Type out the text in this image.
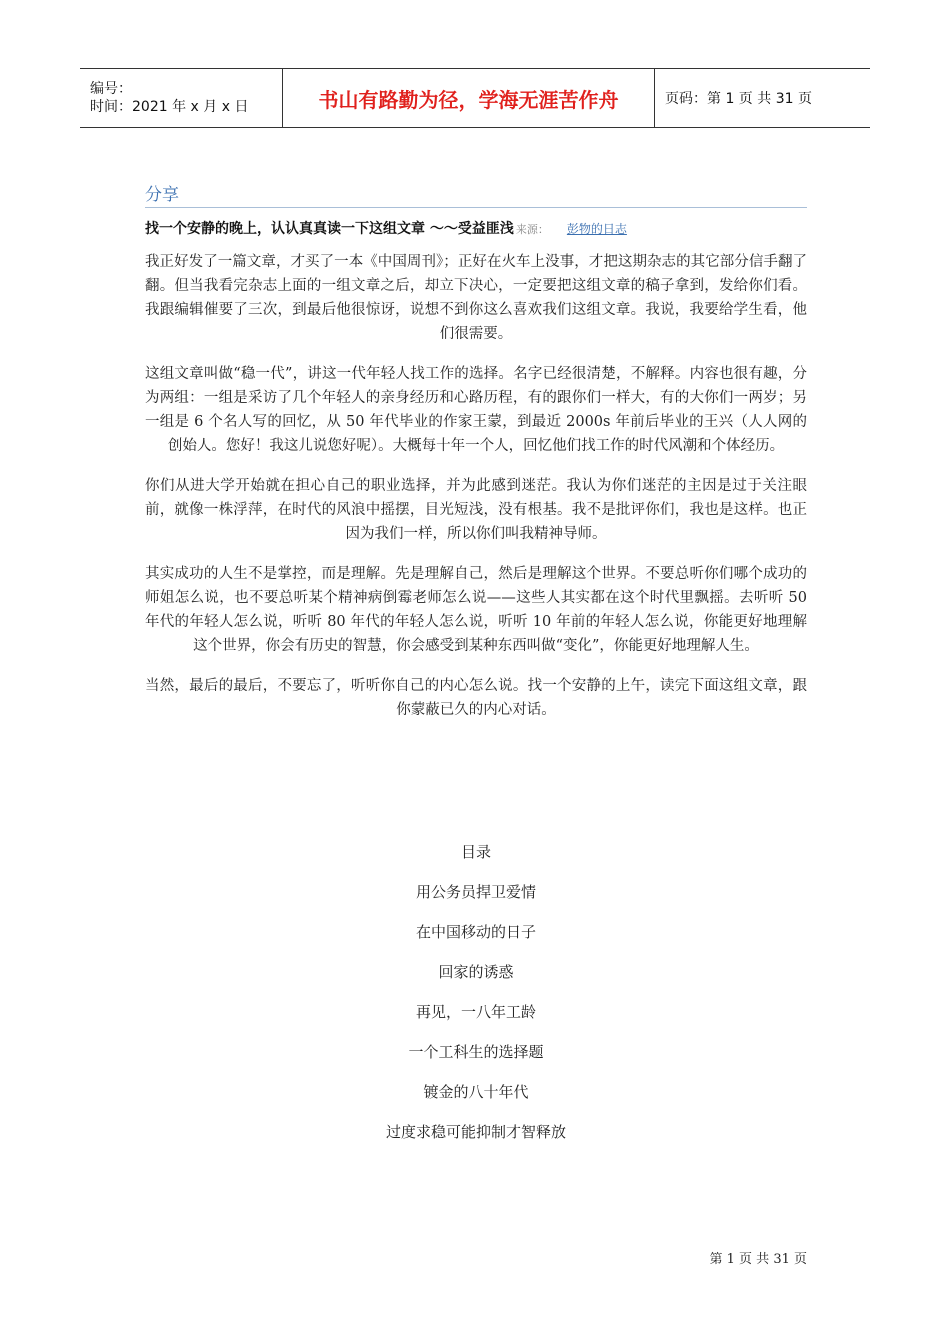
编号：
时间：2021 年 x 月 x 日	书山有路勤为径，学海无涯苦作舟	页码：第 1 页 共 31 页
分享
找一个安静的晚上，认认真真读一下这组文章 ～～受益匪浅 来源： 彭物的日志

我正好发了一篇文章，才买了一本《中国周刊》；正好在火车上没事，才把这期杂志的其它部分信手翻了翻。但当我看完杂志上面的一组文章之后，却立下决心，一定要把这组文章的稿子拿到，发给你们看。我跟编辑催要了三次，到最后他很惊讶，说想不到你这么喜欢我们这组文章。我说，我要给学生看，他们很需要。

这组文章叫做“稳一代”，讲这一代年轻人找工作的选择。名字已经很清楚，不解释。内容也很有趣，分为两组：一组是采访了几个年轻人的亲身经历和心路历程，有的跟你们一样大，有的大你们一两岁；另一组是 6 个名人写的回忆，从 50 年代毕业的作家王蒙，到最近 2000s 年前后毕业的王兴（人人网的创始人。您好！我这儿说您好呢）。大概每十年一个人，回忆他们找工作的时代风潮和个体经历。

你们从进大学开始就在担心自己的职业选择，并为此感到迷茫。我认为你们迷茫的主因是过于关注眼前，就像一株浮萍，在时代的风浪中摇摆，目光短浅，没有根基。我不是批评你们，我也是这样。也正因为我们一样，所以你们叫我精神导师。

其实成功的人生不是掌控，而是理解。先是理解自己，然后是理解这个世界。不要总听你们哪个成功的师姐怎么说，也不要总听某个精神病倒霉老师怎么说——这些人其实都在这个时代里飘摇。去听听 50 年代的年轻人怎么说，听听 80 年代的年轻人怎么说，听听 10 年前的年轻人怎么说，你能更好地理解这个世界，你会有历史的智慧，你会感受到某种东西叫做“变化”，你能更好地理解人生。

当然，最后的最后，不要忘了，听听你自己的内心怎么说。找一个安静的上午，读完下面这组文章，跟你蒙蔽已久的内心对话。

目录
用公务员捍卫爱情
在中国移动的日子
回家的诱惑
再见，一八年工龄
一个工科生的选择题
镀金的八十年代
过度求稳可能抑制才智释放
第 1 页 共 31 页
